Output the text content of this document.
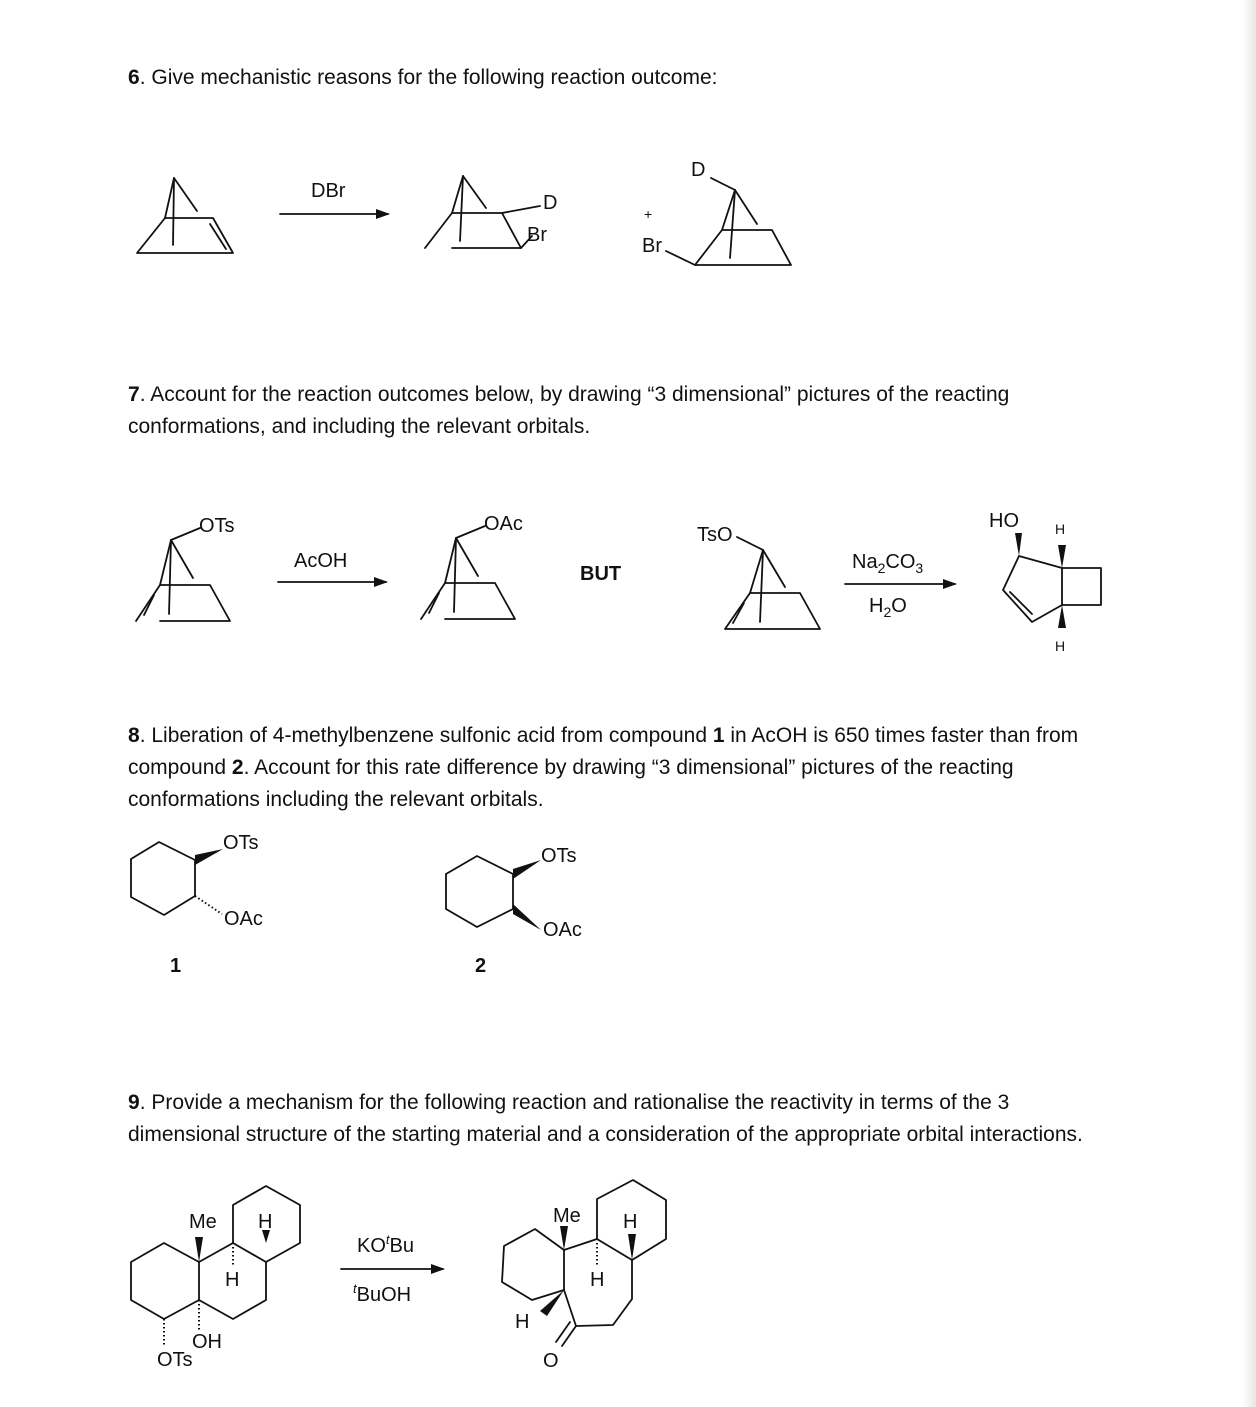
6. Give mechanistic reasons for the following reaction outcome:

7. Account for the reaction outcomes below, by drawing “3 dimensional” pictures of the reacting conformations, and including the relevant orbitals.

8. Liberation of 4-methylbenzene sulfonic acid from compound 1 in AcOH is 650 times faster than from compound 2. Account for this rate difference by drawing “3 dimensional” pictures of the reacting conformations including the relevant orbitals.

9. Provide a mechanism for the following reaction and rationalise the reactivity in terms of the 3 dimensional structure of the starting material and a consideration of the appropriate orbital interactions.

DBr
D
Br
+
D
Br
OTs
AcOH
OAc
BUT
TsO
$Na_2CO_3$
$H_2O$
HO	H
H
OTs
OAc
1
OTs
OAc
2
Me H
H
OH
OTs
$KO^tBu$
$^t$BuOH
Me H
H
H
O
